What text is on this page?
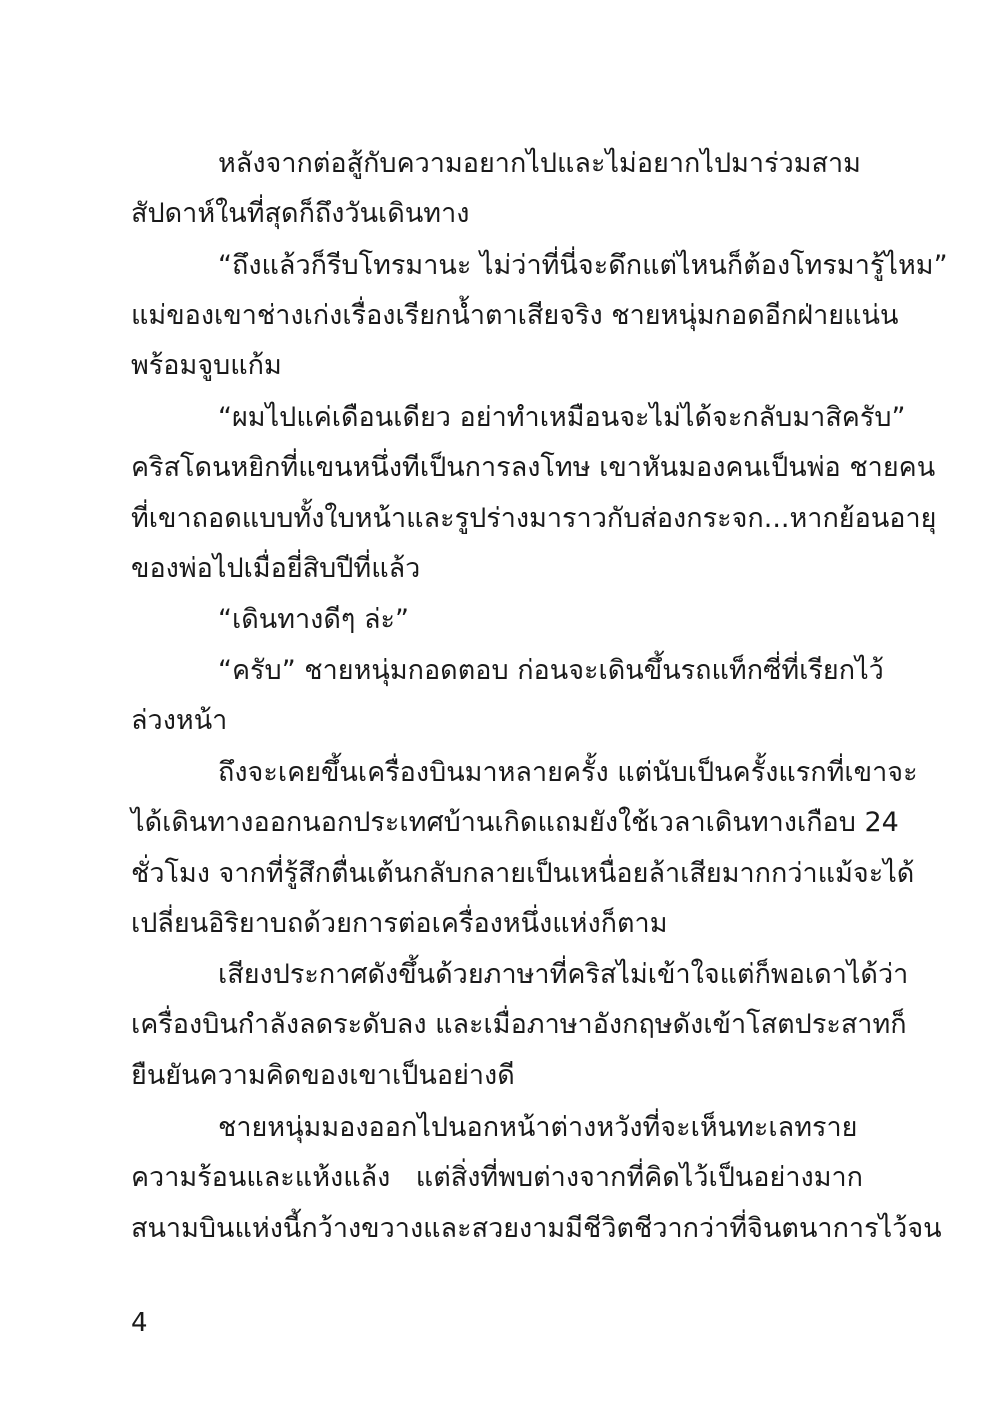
หลังจากต่อสู้กับความอยากไปและไม่อยากไปมาร่วมสาม
สัปดาห์ในที่สุดก็ถึงวันเดินทาง
“ถึงแล้วก็รีบโทรมานะ ไม่ว่าที่นี่จะดึกแต่ไหนก็ต้องโทรมารู้ไหม”
แม่ของเขาช่างเก่งเรื่องเรียกน้ำตาเสียจริง ชายหนุ่มกอดอีกฝ่ายแน่น
พร้อมจูบแก้ม
“ผมไปแค่เดือนเดียว อย่าทำเหมือนจะไม่ได้จะกลับมาสิครับ”
คริสโดนหยิกที่แขนหนึ่งทีเป็นการลงโทษ เขาหันมองคนเป็นพ่อ ชายคน
ที่เขาถอดแบบทั้งใบหน้าและรูปร่างมาราวกับส่องกระจก...หากย้อนอายุ
ของพ่อไปเมื่อยี่สิบปีที่แล้ว
“เดินทางดีๆ ล่ะ”
“ครับ” ชายหนุ่มกอดตอบ ก่อนจะเดินขึ้นรถแท็กซี่ที่เรียกไว้
ล่วงหน้า
ถึงจะเคยขึ้นเครื่องบินมาหลายครั้ง แต่นับเป็นครั้งแรกที่เขาจะ
ได้เดินทางออกนอกประเทศบ้านเกิดแถมยังใช้เวลาเดินทางเกือบ 24
ชั่วโมง จากที่รู้สึกตื่นเต้นกลับกลายเป็นเหนื่อยล้าเสียมากกว่าแม้จะได้
เปลี่ยนอิริยาบถด้วยการต่อเครื่องหนึ่งแห่งก็ตาม
เสียงประกาศดังขึ้นด้วยภาษาที่คริสไม่เข้าใจแต่ก็พอเดาได้ว่า
เครื่องบินกำลังลดระดับลง และเมื่อภาษาอังกฤษดังเข้าโสตประสาทก็
ยืนยันความคิดของเขาเป็นอย่างดี
ชายหนุ่มมองออกไปนอกหน้าต่างหวังที่จะเห็นทะเลทราย
ความร้อนและแห้งแล้ง แต่สิ่งที่พบต่างจากที่คิดไว้เป็นอย่างมาก
สนามบินแห่งนี้กว้างขวางและสวยงามมีชีวิตชีวากว่าที่จินตนาการไว้จน
4
